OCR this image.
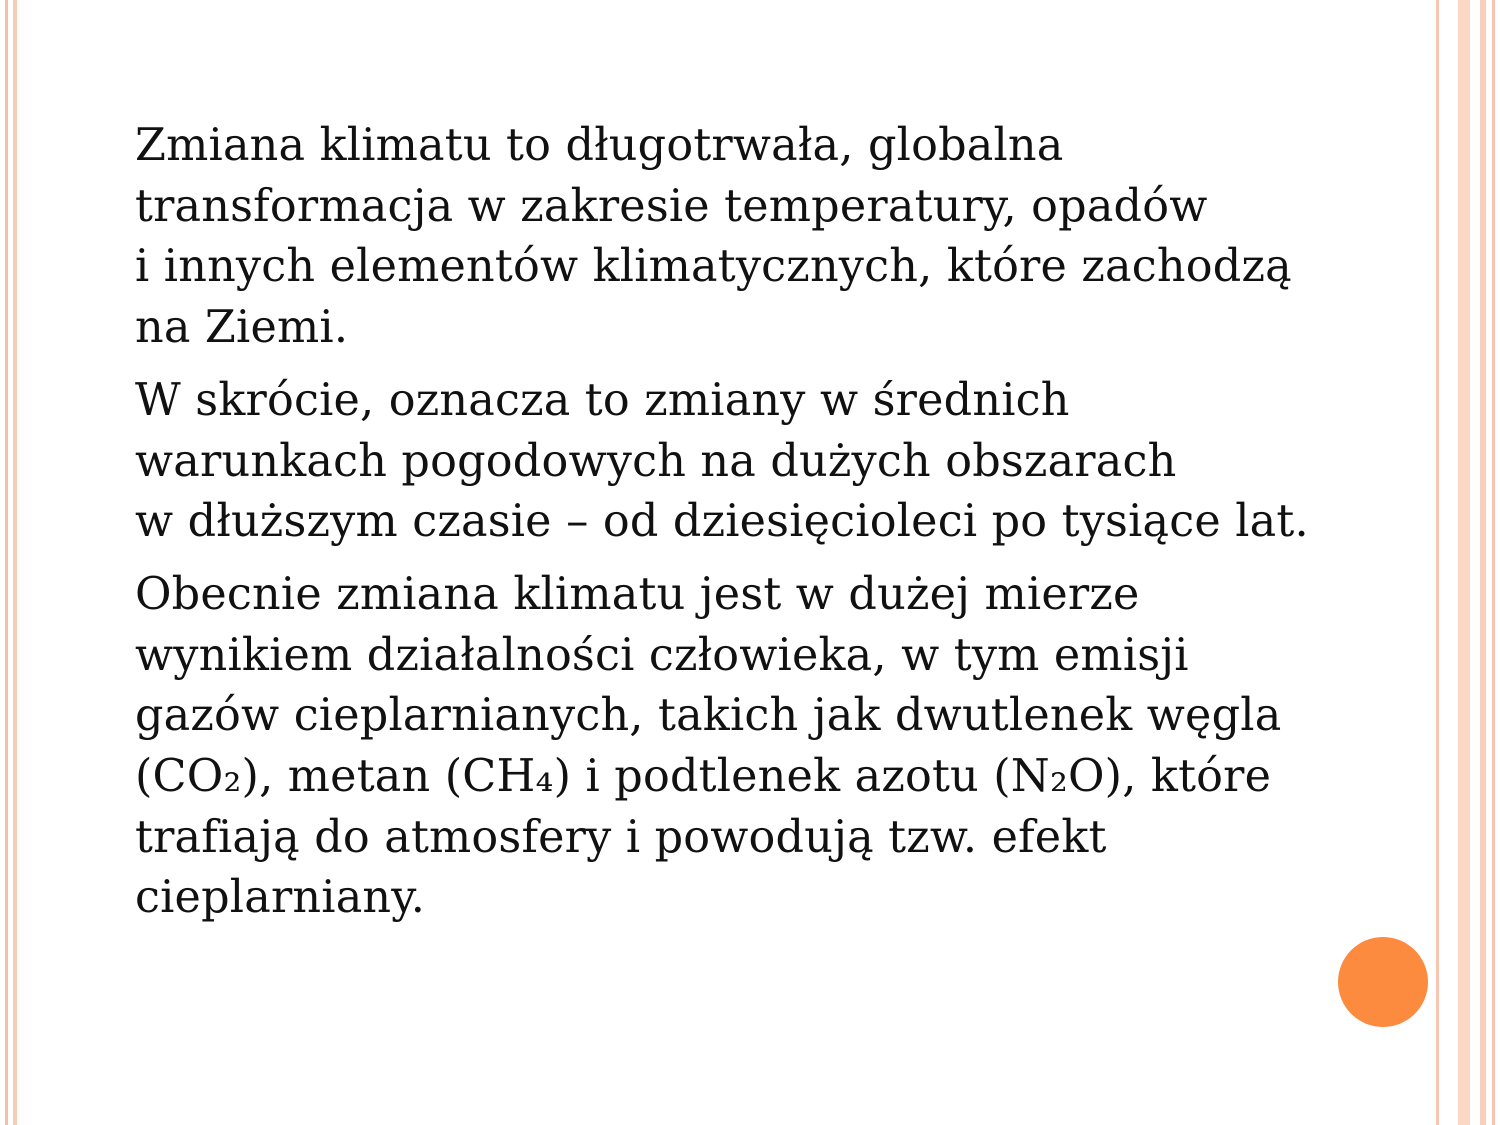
Zmiana klimatu to długotrwała, globalna
transformacja w zakresie temperatury, opadów
i innych elementów klimatycznych, które zachodzą
na Ziemi.

W skrócie, oznacza to zmiany w średnich
warunkach pogodowych na dużych obszarach
w dłuższym czasie – od dziesięcioleci po tysiące lat.

Obecnie zmiana klimatu jest w dużej mierze
wynikiem działalności człowieka, w tym emisji
gazów cieplarnianych, takich jak dwutlenek węgla
(CO₂), metan (CH₄) i podtlenek azotu (N₂O), które
trafiają do atmosfery i powodują tzw. efekt
cieplarniany.
